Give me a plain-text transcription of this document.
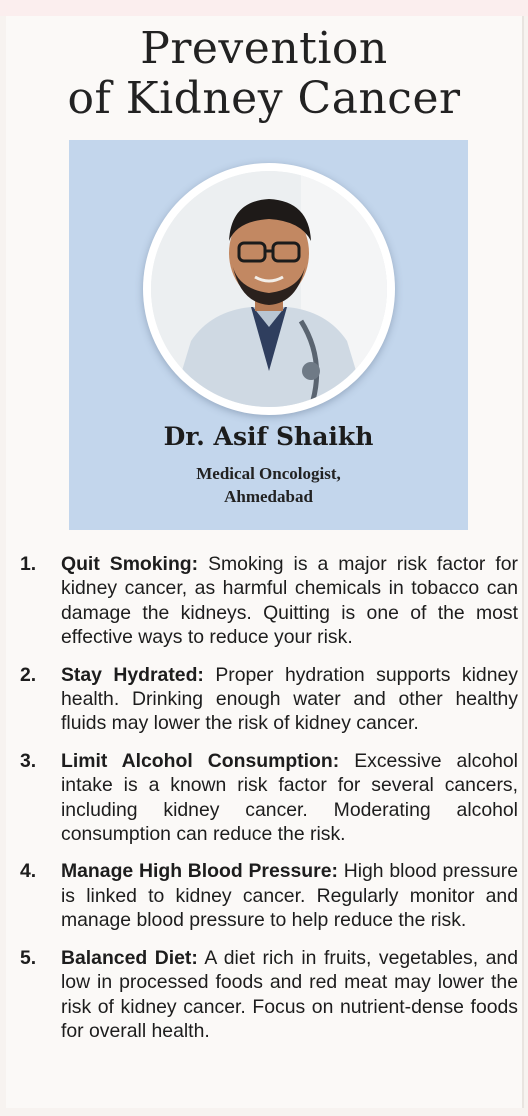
Prevention
of Kidney Cancer
Dr. Asif Shaikh
Medical Oncologist,
Ahmedabad
1. Quit Smoking: Smoking is a major risk factor for kidney cancer, as harmful chemicals in tobacco can damage the kidneys. Quitting is one of the most effective ways to reduce your risk.
2. Stay Hydrated: Proper hydration supports kidney health. Drinking enough water and other healthy fluids may lower the risk of kidney cancer.
3. Limit Alcohol Consumption: Excessive alcohol intake is a known risk factor for several cancers, including kidney cancer. Moderating alcohol consumption can reduce the risk.
4. Manage High Blood Pressure: High blood pressure is linked to kidney cancer. Regularly monitor and manage blood pressure to help reduce the risk.
5. Balanced Diet: A diet rich in fruits, vegetables, and low in processed foods and red meat may lower the risk of kidney cancer. Focus on nutrient-dense foods for overall health.
